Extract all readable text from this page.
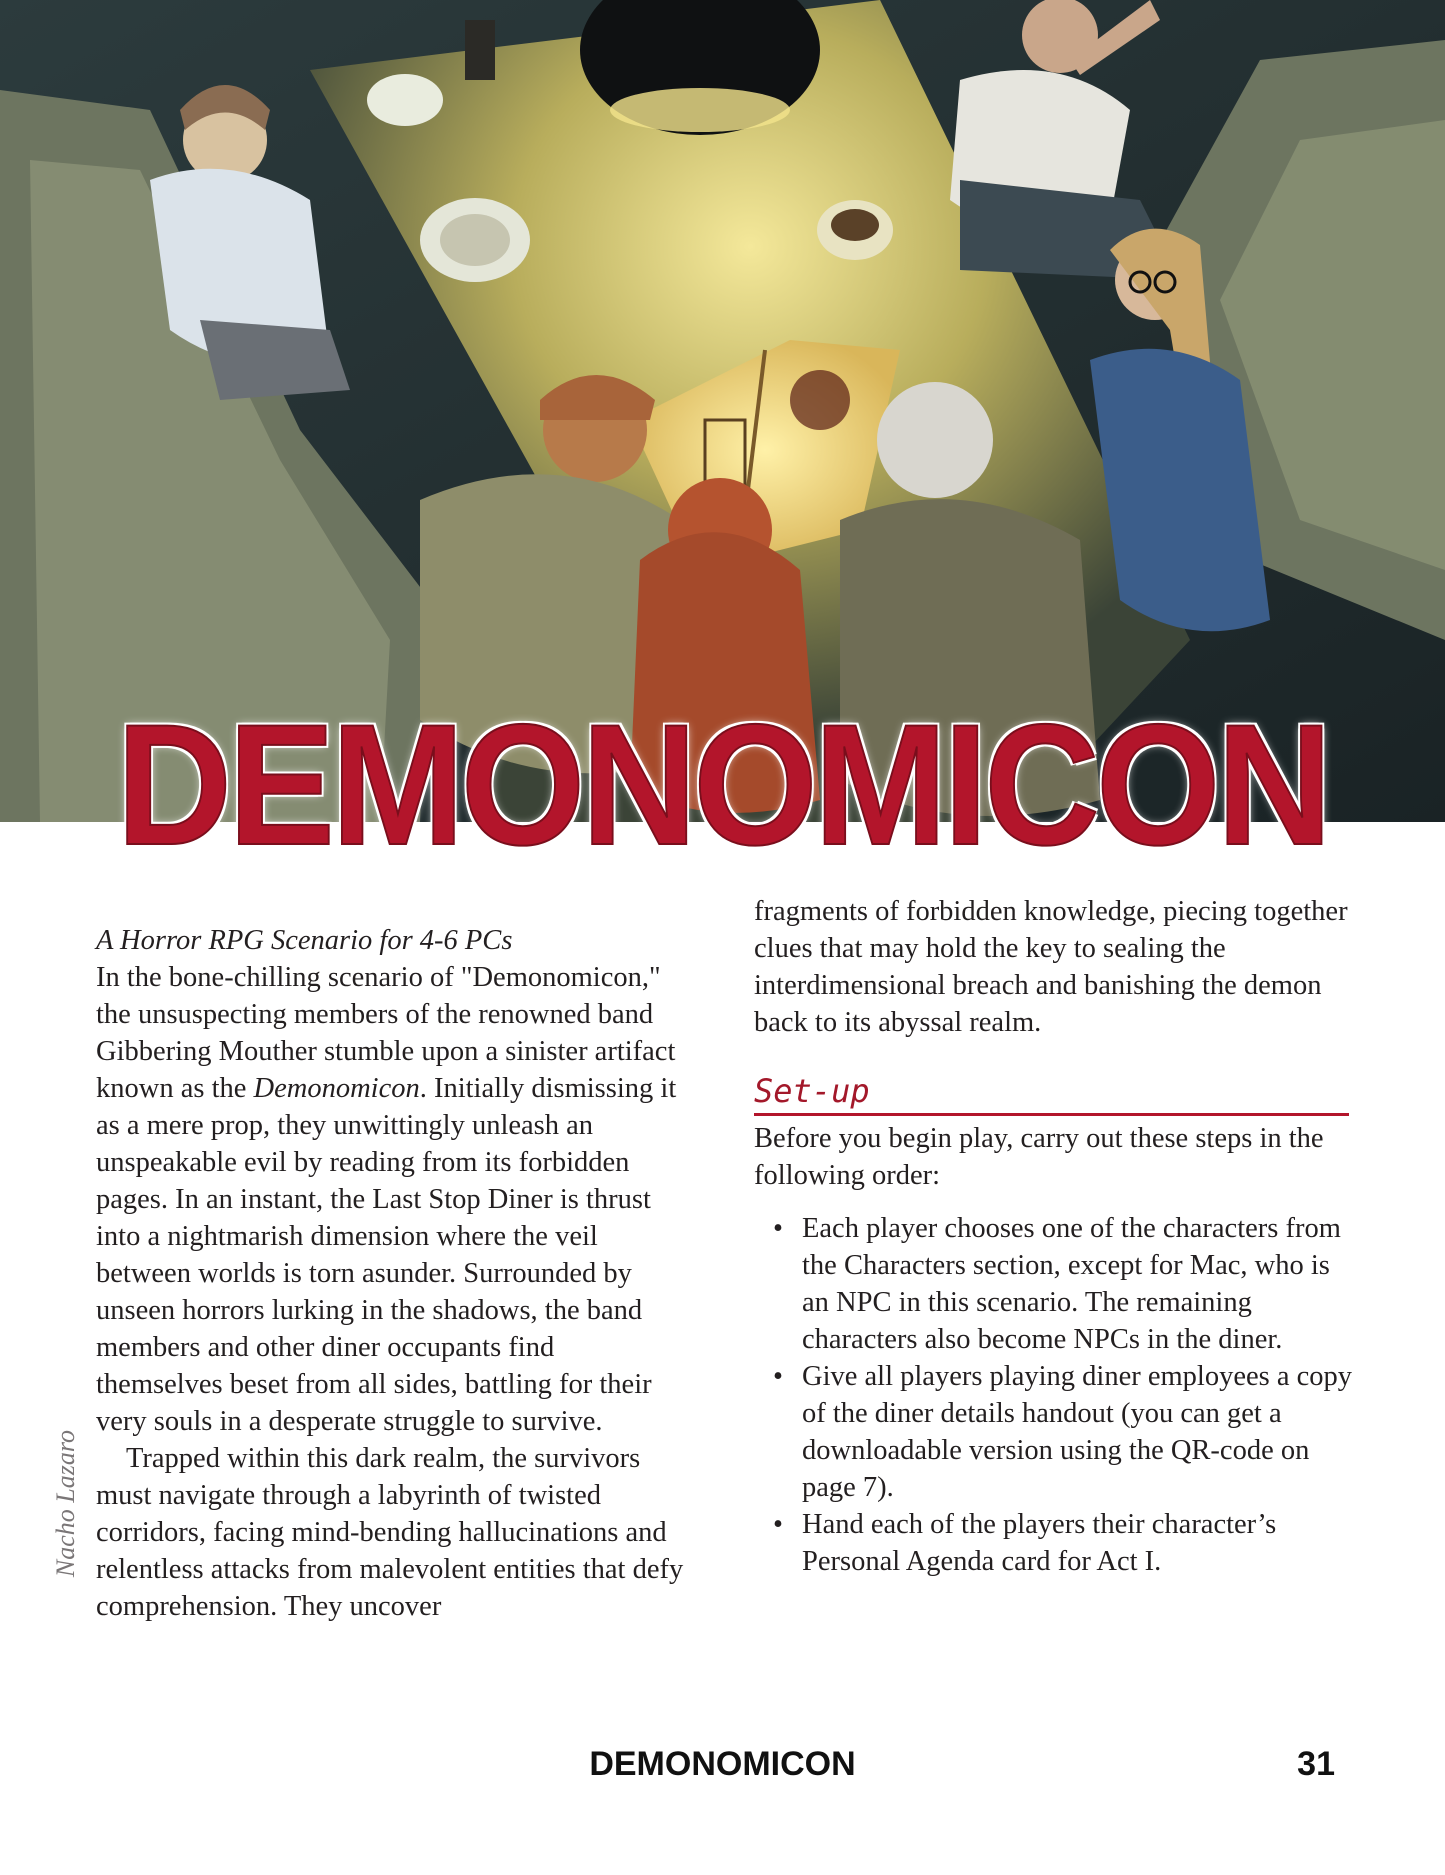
DEMONOMICON

A Horror RPG Scenario for 4-6 PCs

In the bone-chilling scenario of "Demonomicon," the unsuspecting members of the renowned band Gibbering Mouther stumble upon a sinister artifact known as the Demonomicon. Initially dismissing it as a mere prop, they unwittingly unleash an unspeakable evil by reading from its forbidden pages. In an instant, the Last Stop Diner is thrust into a nightmarish dimension where the veil between worlds is torn asunder. Surrounded by unseen horrors lurking in the shadows, the band members and other diner occupants find themselves beset from all sides, battling for their very souls in a desperate struggle to survive.

Trapped within this dark realm, the survivors must navigate through a labyrinth of twisted corridors, facing mind-bending hallucinations and relentless attacks from malevolent entities that defy comprehension. They uncover

fragments of forbidden knowledge, piecing together clues that may hold the key to sealing the interdimensional breach and banishing the demon back to its abyssal realm.

Set-up

Before you begin play, carry out these steps in the following order:

• Each player chooses one of the characters from the Characters section, except for Mac, who is an NPC in this scenario. The remaining characters also become NPCs in the diner.
• Give all players playing diner employees a copy of the diner details handout (you can get a downloadable version using the QR-code on page 7).
• Hand each of the players their character’s Personal Agenda card for Act I.
Nacho Lazaro
DEMONOMICON	31
